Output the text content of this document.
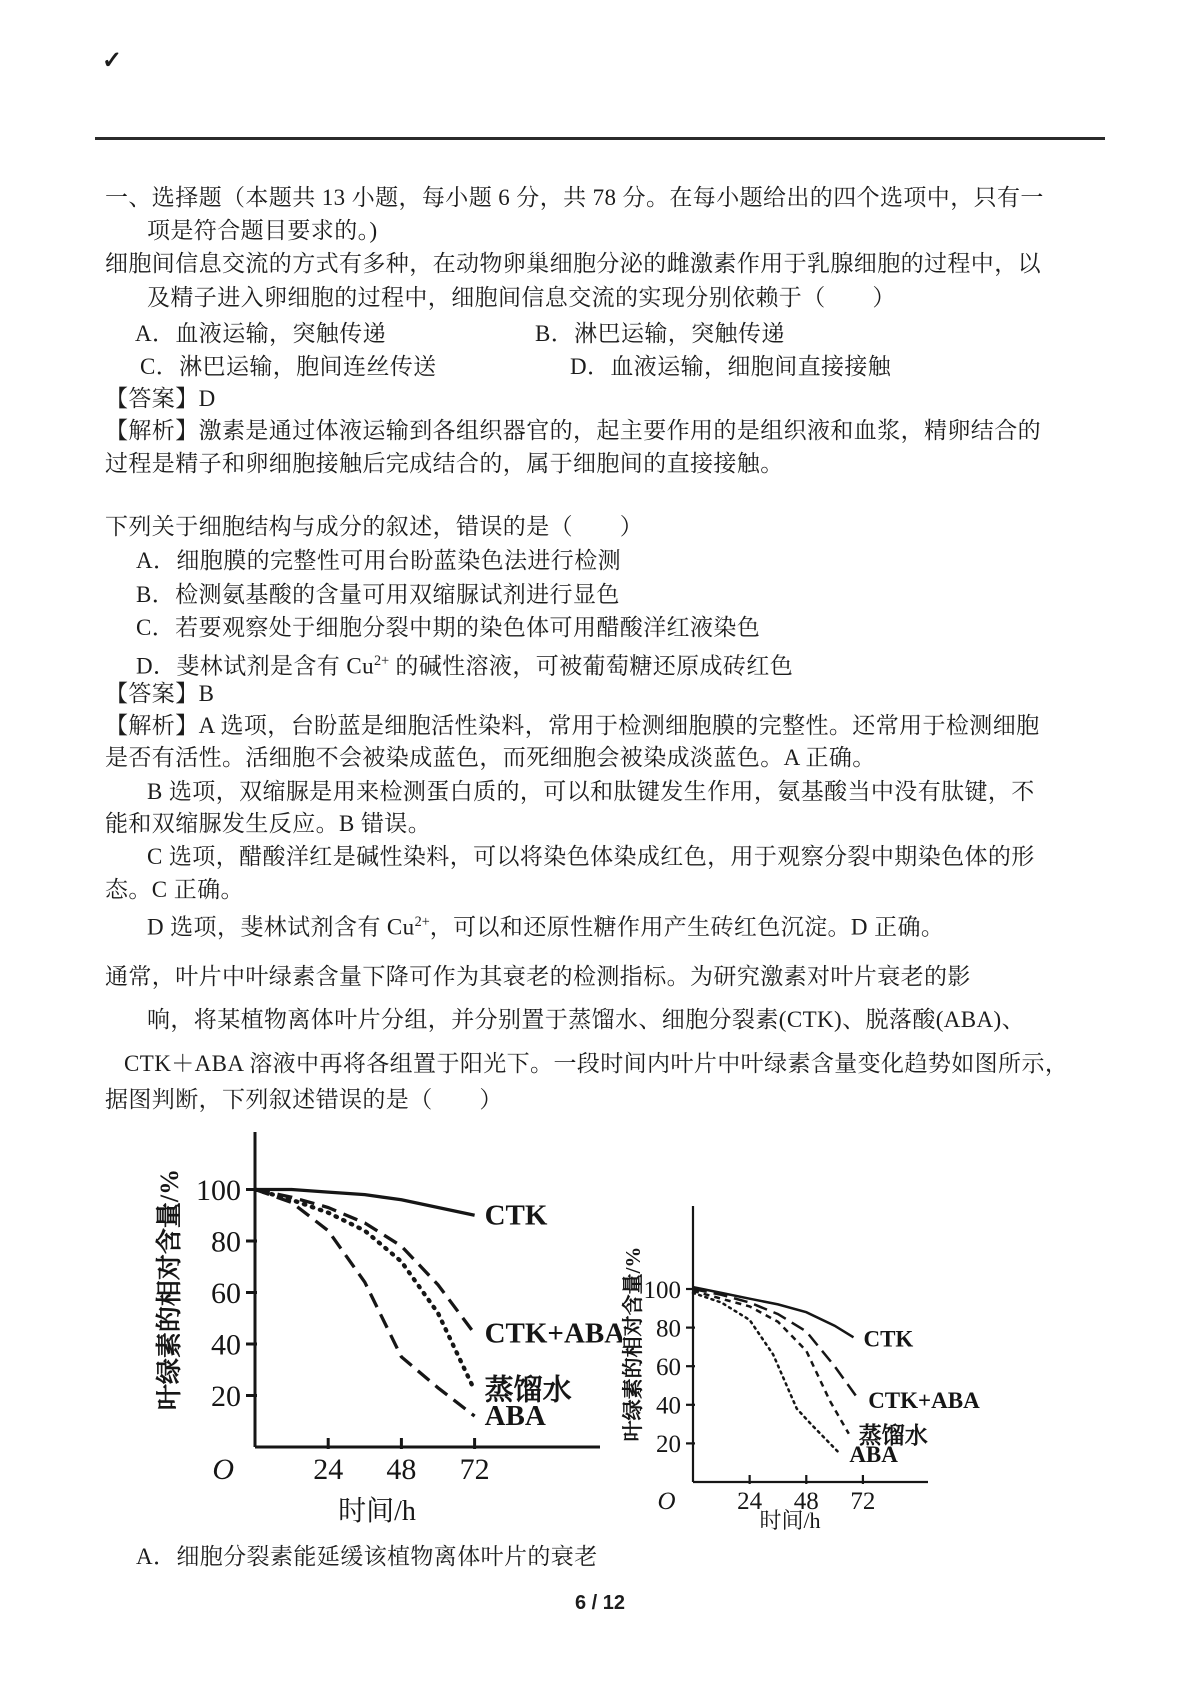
✓
一、选择题（本题共 13 小题，每小题 6 分，共 78 分。在每小题给出的四个选项中，只有一
项是符合题目要求的。)
细胞间信息交流的方式有多种，在动物卵巢细胞分泌的雌激素作用于乳腺细胞的过程中，以
及精子进入卵细胞的过程中，细胞间信息交流的实现分别依赖于（　　）
A．血液运输，突触传递	B．淋巴运输，突触传递
C．淋巴运输，胞间连丝传送	D．血液运输，细胞间直接接触
【答案】D
【解析】激素是通过体液运输到各组织器官的，起主要作用的是组织液和血浆，精卵结合的
过程是精子和卵细胞接触后完成结合的，属于细胞间的直接接触。
下列关于细胞结构与成分的叙述，错误的是（　　）
A．细胞膜的完整性可用台盼蓝染色法进行检测
B．检测氨基酸的含量可用双缩脲试剂进行显色
C．若要观察处于细胞分裂中期的染色体可用醋酸洋红液染色
D．斐林试剂是含有 $Cu^{2+}$ 的碱性溶液，可被葡萄糖还原成砖红色
【答案】B
【解析】A 选项，台盼蓝是细胞活性染料，常用于检测细胞膜的完整性。还常用于检测细胞
是否有活性。活细胞不会被染成蓝色，而死细胞会被染成淡蓝色。A 正确。
B 选项，双缩脲是用来检测蛋白质的，可以和肽键发生作用，氨基酸当中没有肽键，不
能和双缩脲发生反应。B 错误。
C 选项，醋酸洋红是碱性染料，可以将染色体染成红色，用于观察分裂中期染色体的形
态。C 正确。
D 选项，斐林试剂含有 $Cu^{2+}$，可以和还原性糖作用产生砖红色沉淀。D 正确。
通常，叶片中叶绿素含量下降可作为其衰老的检测指标。为研究激素对叶片衰老的影
响，将某植物离体叶片分组，并分别置于蒸馏水、细胞分裂素(CTK)、脱落酸(ABA)、
CTK＋ABA 溶液中再将各组置于阳光下。一段时间内叶片中叶绿素含量变化趋势如图所示，
据图判断，下列叙述错误的是（　　）
100
80
60
40
20
24 48 72
O
时间/h
叶绿素的相对含量/%	CTK
CTK+ABA
蒸馏水
ABA
100
80
60
40
20
24 48 72
O
时间/h
叶绿素的相对含量/%	CTK
CTK+ABA
蒸馏水
ABA
A．细胞分裂素能延缓该植物离体叶片的衰老
6 / 12
